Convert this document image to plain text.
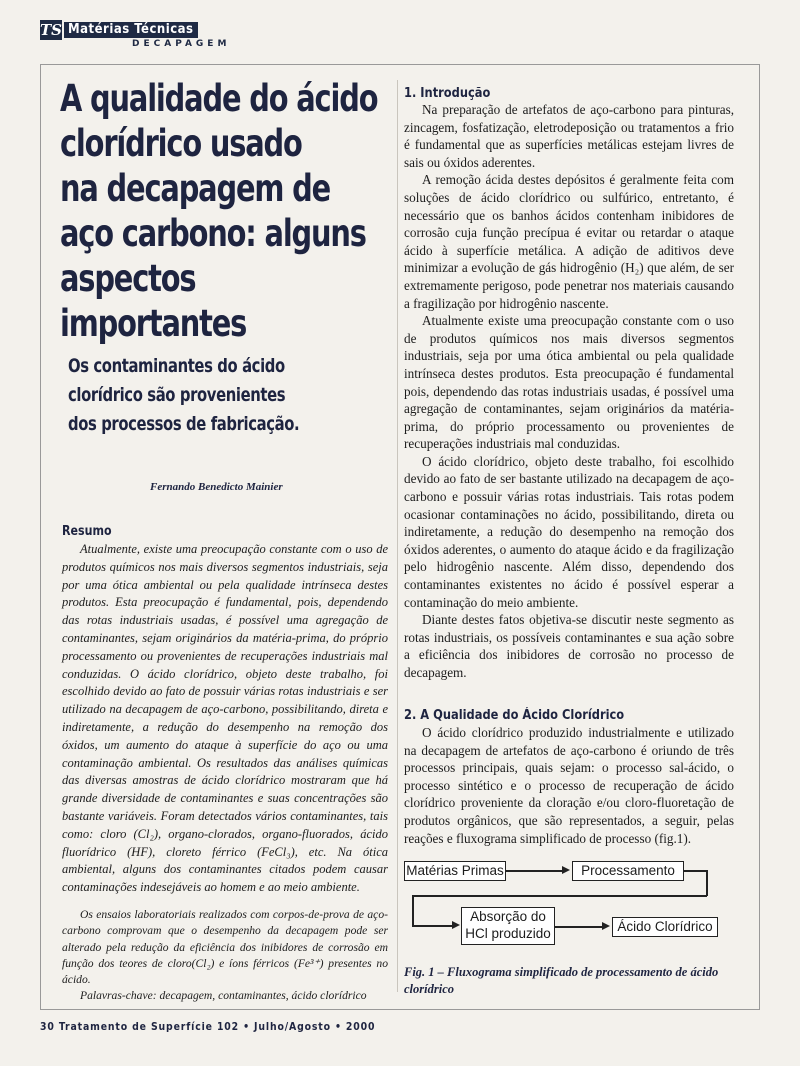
TS Matérias Técnicas
DECAPAGEM
A qualidade do ácido
clorídrico usado
na decapagem de
aço carbono: alguns
aspectos importantes
Os contaminantes do ácido
clorídrico são provenientes
dos processos de fabricação.
Fernando Benedicto Mainier
Resumo

Atualmente, existe uma preocupação constante com o uso de produtos químicos nos mais diversos segmentos industriais, seja por uma ótica ambiental ou pela qualidade intrínseca destes produtos. Esta preocupação é fundamental, pois, dependendo das rotas industriais usadas, é possível uma agregação de contaminantes, sejam originários da matéria-prima, do próprio processamento ou provenientes de recuperações industriais mal conduzidas. O ácido clorídrico, objeto deste trabalho, foi escolhido devido ao fato de possuir várias rotas industriais e ser utilizado na decapagem de aço-carbono, possibilitando, direta e indiretamente, a redução do desempenho na remoção dos óxidos, um aumento do ataque à superfície do aço ou uma contaminação ambiental. Os resultados das análises químicas das diversas amostras de ácido clorídrico mostraram que há grande diversidade de contaminantes e suas concentrações são bastante variáveis. Foram detectados vários contaminantes, tais como: cloro (Cl₂), organo-clorados, organo-fluorados, ácido fluorídrico (HF), cloreto férrico (FeCl₃), etc. Na ótica ambiental, alguns dos contaminantes citados podem causar contaminações indesejáveis ao homem e ao meio ambiente.

Os ensaios laboratoriais realizados com corpos-de-prova de aço-carbono comprovam que o desempenho da decapagem pode ser alterado pela redução da eficiência dos inibidores de corrosão em função dos teores de cloro(Cl₂) e íons férricos (Fe³⁺) presentes no ácido.

Palavras-chave: decapagem, contaminantes, ácido clorídrico

1. Introdução

Na preparação de artefatos de aço-carbono para pinturas, zincagem, fosfatização, eletrodeposição ou tratamentos a frio é fundamental que as superfícies metálicas estejam livres de sais ou óxidos aderentes.

A remoção ácida destes depósitos é geralmente feita com soluções de ácido clorídrico ou sulfúrico, entretanto, é necessário que os banhos ácidos contenham inibidores de corrosão cuja função precípua é evitar ou retardar o ataque ácido à superfície metálica. A adição de aditivos deve minimizar a evolução de gás hidrogênio (H₂) que além, de ser extremamente perigoso, pode penetrar nos materiais causando a fragilização por hidrogênio nascente.

Atualmente existe uma preocupação constante com o uso de produtos químicos nos mais diversos segmentos industriais, seja por uma ótica ambiental ou pela qualidade intrínseca destes produtos. Esta preocupação é fundamental pois, dependendo das rotas industriais usadas, é possível uma agregação de contaminantes, sejam originários da matéria-prima, do próprio processamento ou provenientes de recuperações industriais mal conduzidas.

O ácido clorídrico, objeto deste trabalho, foi escolhido devido ao fato de ser bastante utilizado na decapagem de aço-carbono e possuir várias rotas industriais. Tais rotas podem ocasionar contaminações no ácido, possibilitando, direta ou indiretamente, a redução do desempenho na remoção dos óxidos aderentes, o aumento do ataque ácido e da fragilização pelo hidrogênio nascente. Além disso, dependendo dos contaminantes existentes no ácido é possível esperar a contaminação do meio ambiente.

Diante destes fatos objetiva-se discutir neste segmento as rotas industriais, os possíveis contaminantes e sua ação sobre a eficiência dos inibidores de corrosão no processo de decapagem.

2. A Qualidade do Ácido Clorídrico

O ácido clorídrico produzido industrialmente e utilizado na decapagem de artefatos de aço-carbono é oriundo de três processos principais, quais sejam: o processo sal-ácido, o processo sintético e o processo de recuperação de ácido clorídrico proveniente da cloração e/ou cloro-fluoretação de produtos orgânicos, que são representados, a seguir, pelas reações e fluxograma simplificado de processo (fig.1).

Matérias Primas	Processamento
Absorção do
HCl produzido	Ácido Clorídrico
Fig. 1 – Fluxograma simplificado de processamento de ácido clorídrico
30 Tratamento de Superfície 102 • Julho/Agosto • 2000
